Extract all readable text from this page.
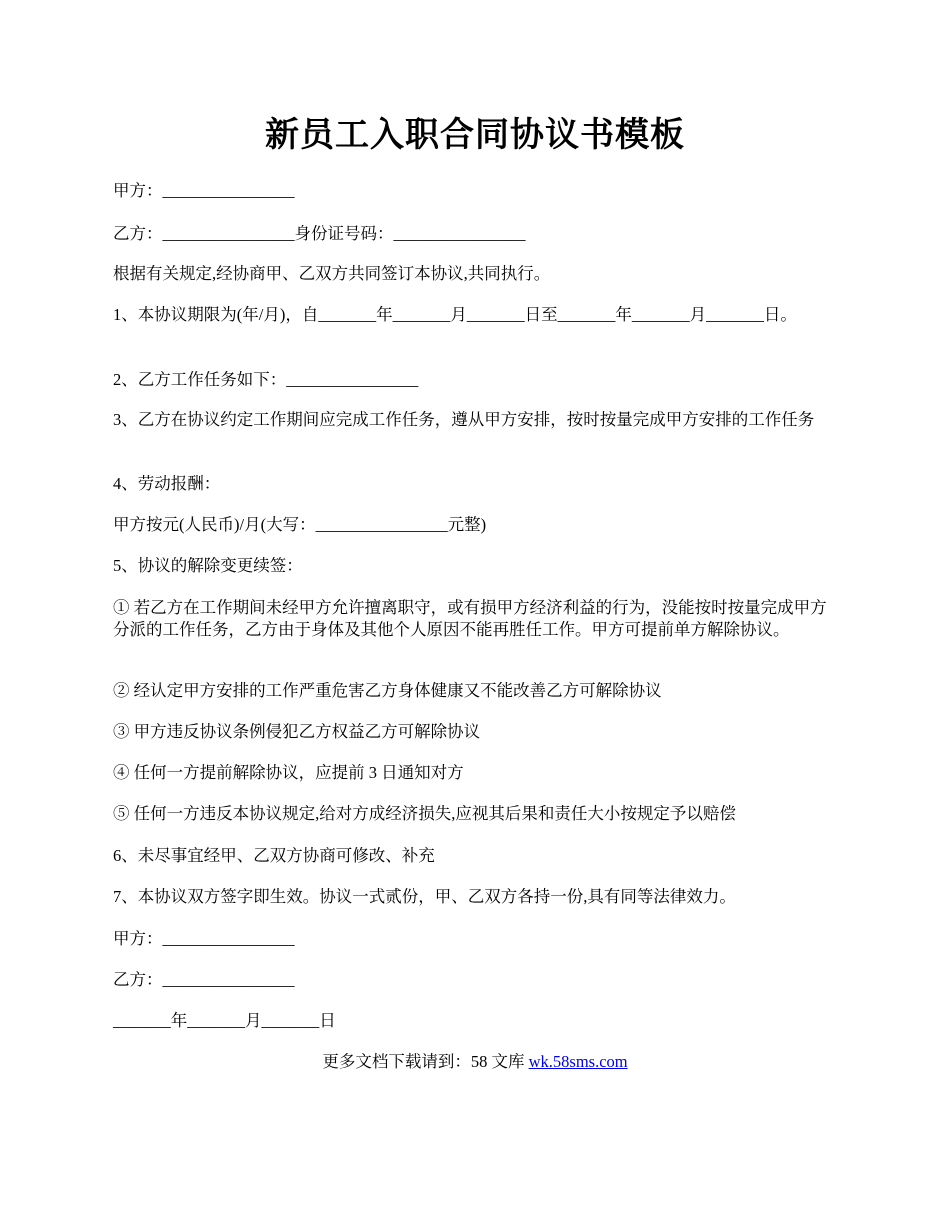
新员工入职合同协议书模板

甲方：________________

乙方：________________身份证号码：________________

根据有关规定,经协商甲、乙双方共同签订本协议,共同执行。

1、本协议期限为(年/月)，自_______年_______月_______日至_______年_______月_______日。

2、乙方工作任务如下：________________

3、乙方在协议约定工作期间应完成工作任务，遵从甲方安排，按时按量完成甲方安排的工作任务

4、劳动报酬：

甲方按元(人民币)/月(大写：________________元整)

5、协议的解除变更续签：

① 若乙方在工作期间未经甲方允许擅离职守，或有损甲方经济利益的行为，没能按时按量完成甲方分派的工作任务，乙方由于身体及其他个人原因不能再胜任工作。甲方可提前单方解除协议。

② 经认定甲方安排的工作严重危害乙方身体健康又不能改善乙方可解除协议

③ 甲方违反协议条例侵犯乙方权益乙方可解除协议

④ 任何一方提前解除协议，应提前 3 日通知对方

⑤ 任何一方违反本协议规定,给对方成经济损失,应视其后果和责任大小按规定予以赔偿

6、未尽事宜经甲、乙双方协商可修改、补充

7、本协议双方签字即生效。协议一式贰份，甲、乙双方各持一份,具有同等法律效力。

甲方：________________

乙方：________________

_______年_______月_______日

更多文档下载请到：58 文库 wk.58sms.com
